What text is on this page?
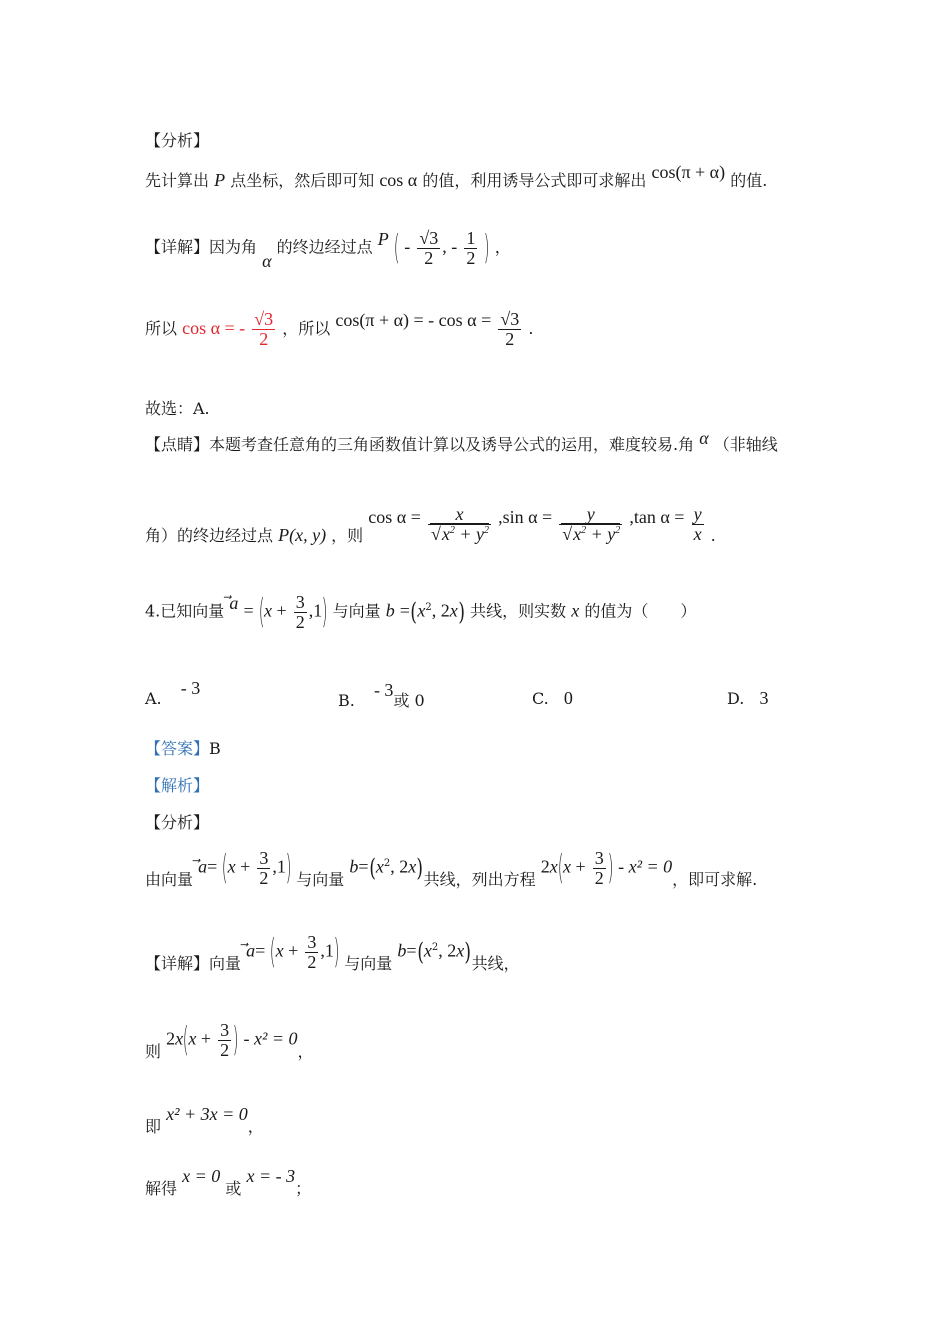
【分析】
先计算出 P 点坐标，然后即可知 cos α 的值，利用诱导公式即可求解出 cos(π + α) 的值.
【详解】因为角 α 的终边经过点 P ( - $\frac{√3}{2}$ , - $\frac{1}{2}$ ) ，
所以 cos α = - $\frac{√3}{2}$ ，所以 cos(π + α) = - $\cos \alpha = \frac{√3}{2}$ .
故选：A.
【点睛】本题考查任意角的三角函数值计算以及诱导公式的运用，难度较易.角 α （非轴线
角）的终边经过点 P(x, y) ，则 $\cos \alpha = \frac{x}{√x^2 + y^2} ,\sin$ $\alpha = \frac{y}{√x^2 + y^2} ,\tan$ $\alpha = \frac{y}{x}$ .
4.已知向量 $a = (x + \frac{3}{2} ,1)$ 与向量 $b =(x^2$, 2x) 共线，则实数 x 的值为（　　）
A. - 3
B. - 3或 0	C. 0	D. 3
【答案】B
【解析】
【分析】
由向量 ⃗a= $(x + \frac{3}{2} ,1)$ 与向量 $b=(x^2$, 2x)共线，列出方程 $2x(x + \frac{3}{2}$ ) - x² = 0，即可求解.
【详解】向量 ⃗a= $(x + \frac{3}{2} ,1)$ 与向量 $b=(x^2$, 2x)共线，
则 $2x(x + \frac{3}{2}$ ) - x² = 0，
即 x² + 3x = 0，
解得 x = 0 或 x = - 3；
